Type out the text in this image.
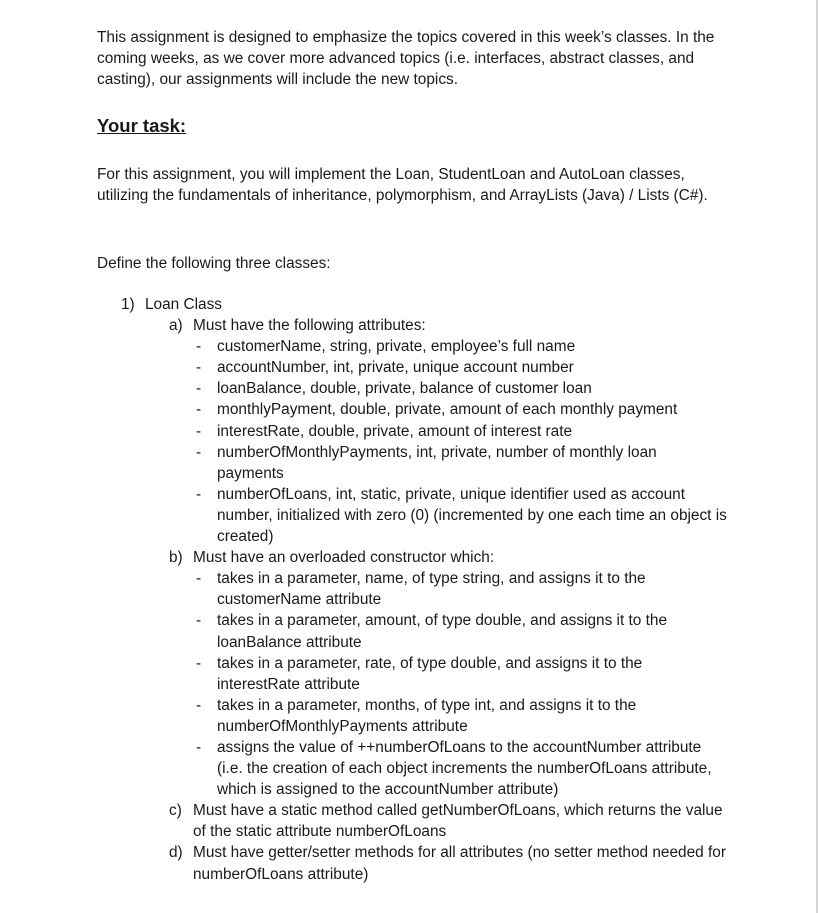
This assignment is designed to emphasize the topics covered in this week’s classes. In the coming weeks, as we cover more advanced topics (i.e. interfaces, abstract classes, and casting), our assignments will include the new topics.

Your task:

For this assignment, you will implement the Loan, StudentLoan and AutoLoan classes, utilizing the fundamentals of inheritance, polymorphism, and ArrayLists (Java) / Lists (C#).

Define the following three classes:

1) Loan Class
a) Must have the following attributes:
-	customerName, string, private, employee’s full name
-	accountNumber, int, private, unique account number
-	loanBalance, double, private, balance of customer loan
-	monthlyPayment, double, private, amount of each monthly payment
-	interestRate, double, private, amount of interest rate
-	numberOfMonthlyPayments, int, private, number of monthly loan payments
-	numberOfLoans, int, static, private, unique identifier used as account number, initialized with zero (0) (incremented by one each time an object is created)
b) Must have an overloaded constructor which:
-	takes in a parameter, name, of type string, and assigns it to the customerName attribute
-	takes in a parameter, amount, of type double, and assigns it to the loanBalance attribute
-	takes in a parameter, rate, of type double, and assigns it to the interestRate attribute
-	takes in a parameter, months, of type int, and assigns it to the numberOfMonthlyPayments attribute
-	assigns the value of ++numberOfLoans to the accountNumber attribute (i.e. the creation of each object increments the numberOfLoans attribute, which is assigned to the accountNumber attribute)
c) Must have a static method called getNumberOfLoans, which returns the value of the static attribute numberOfLoans
d) Must have getter/setter methods for all attributes (no setter method needed for numberOfLoans attribute)
